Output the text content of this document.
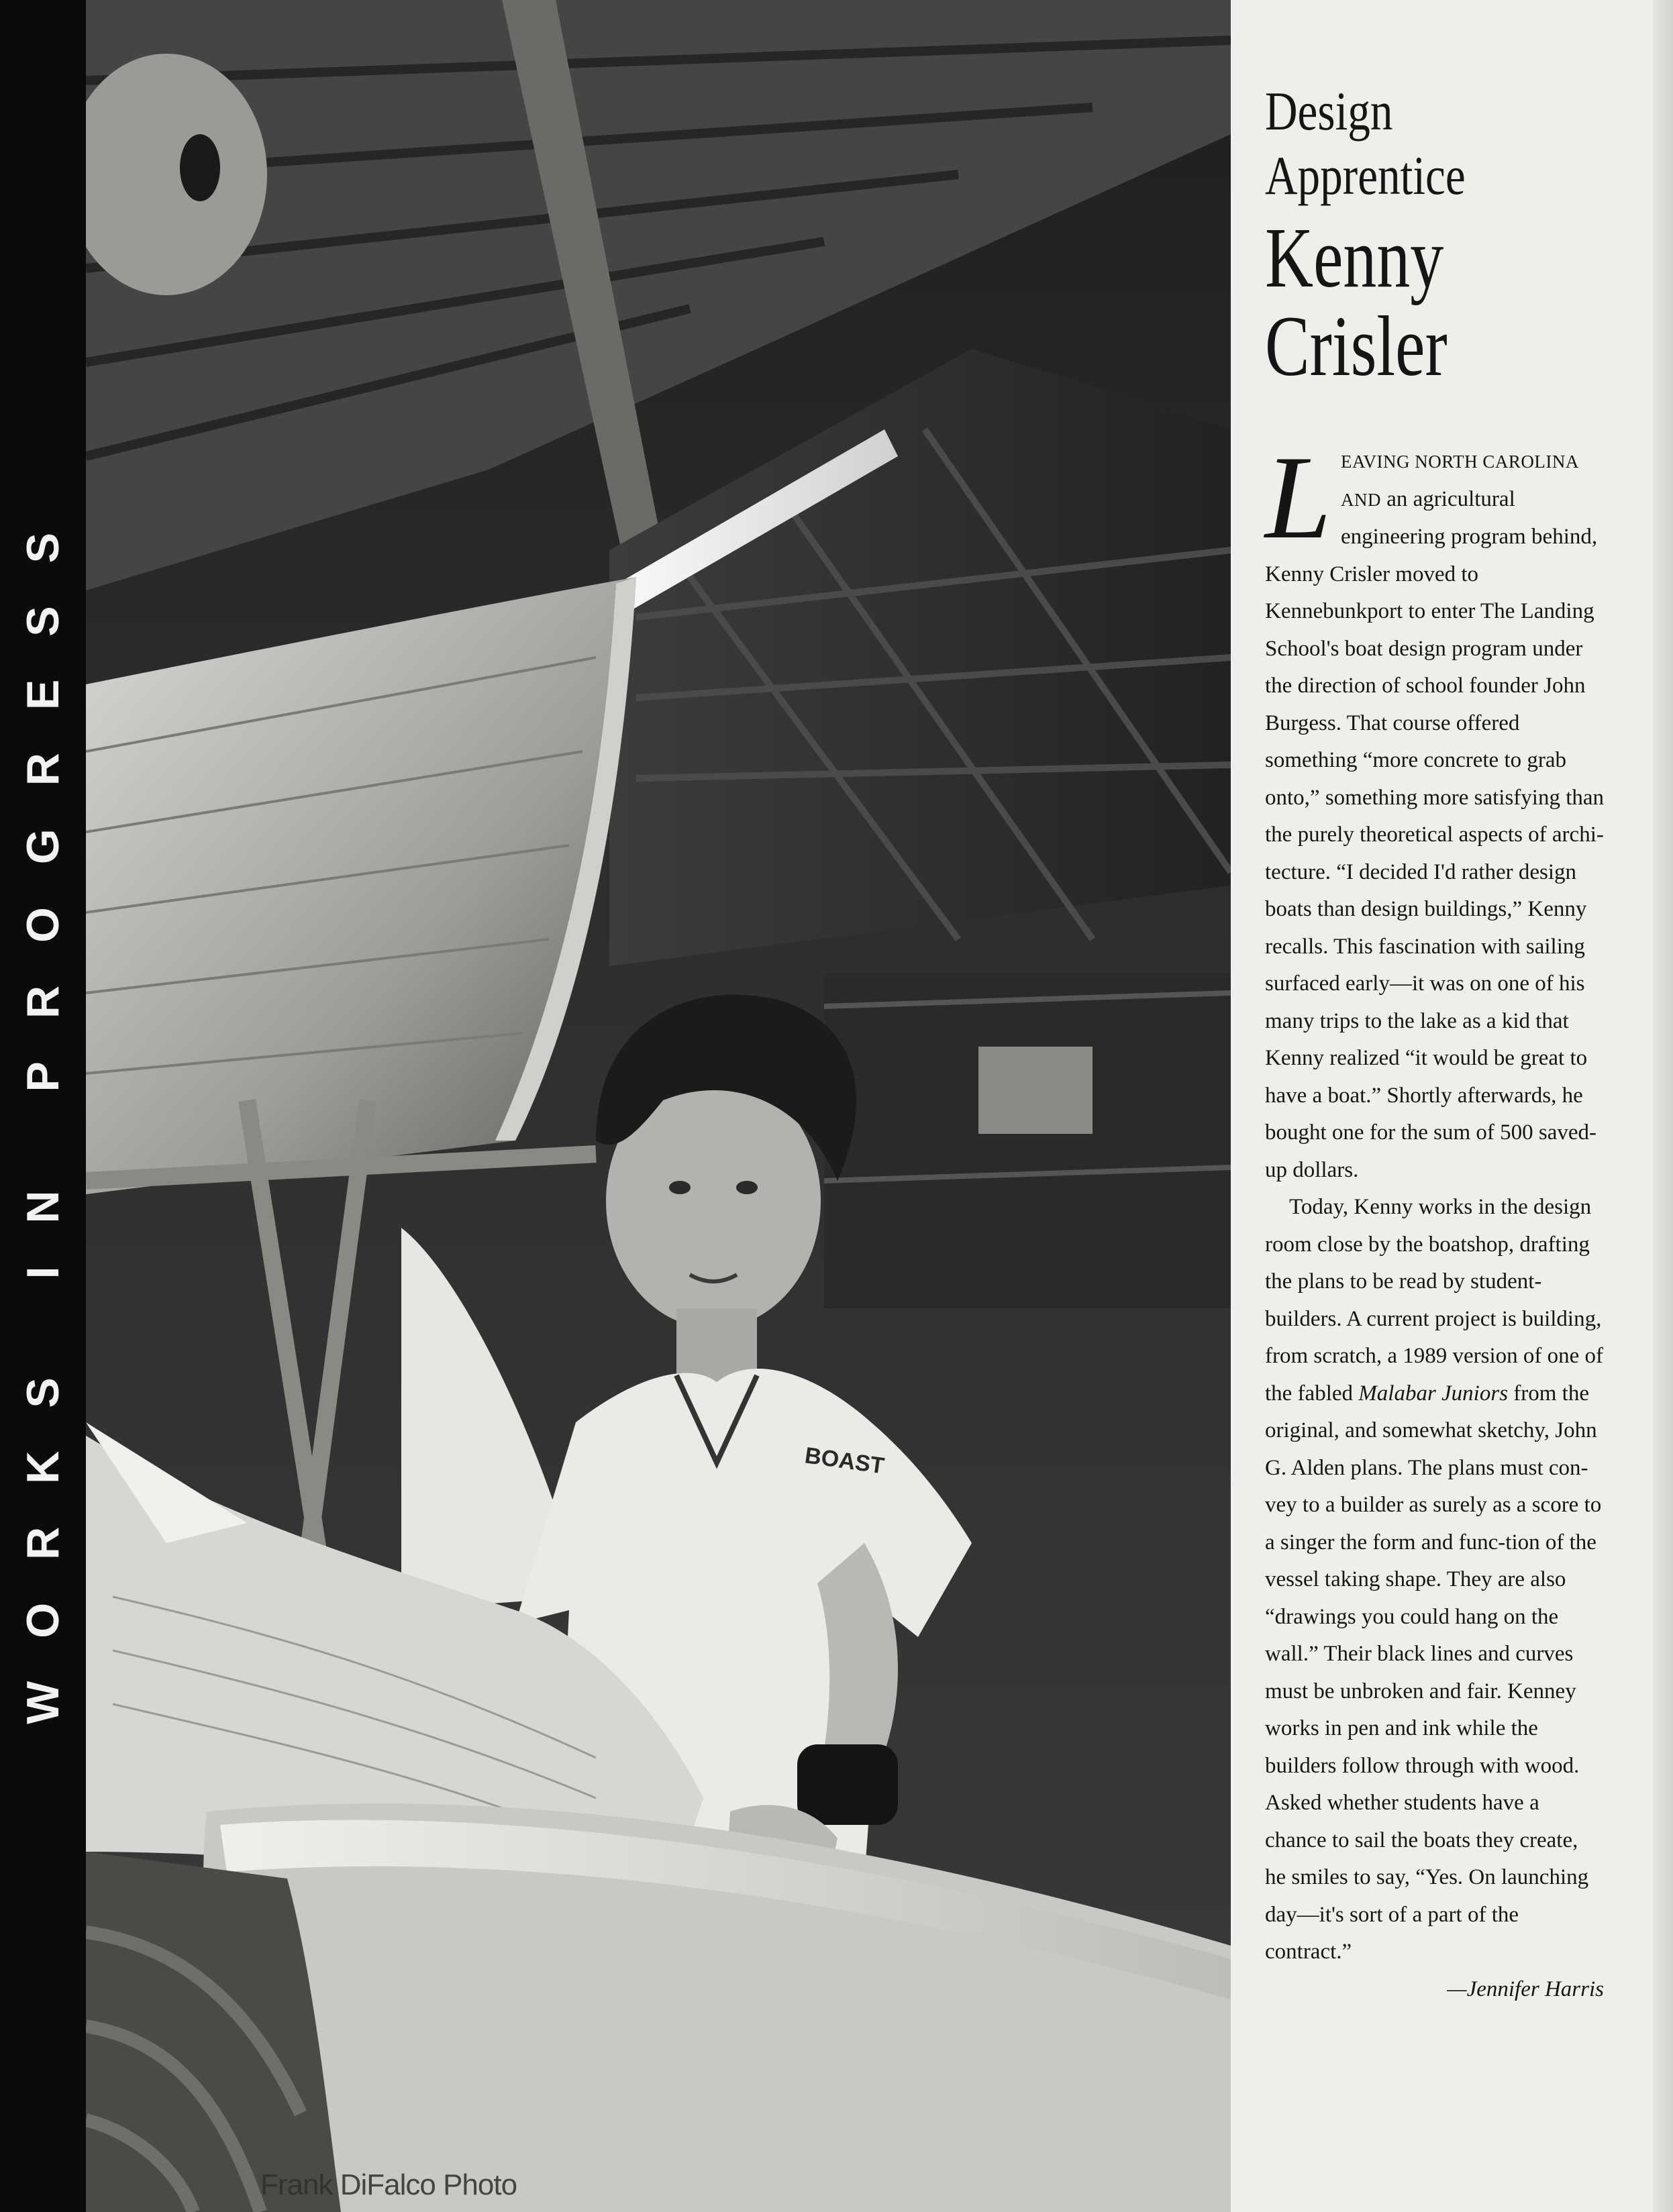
WORKS IN PROGRESS	BOAST
Frank DiFalco Photo
Design
Apprentice
Kenny
Crisler

LEAVING NORTH CAROLINA AND an agricultural engineering program behind, Kenny Crisler moved to Kennebunkport to enter The Landing School's boat design program under the direction of school founder John Burgess. That course offered something “more concrete to grab onto,” something more satisfying than the purely theoretical aspects of archi-tecture. “I decided I'd rather design boats than design buildings,” Kenny recalls. This fascination with sailing surfaced early—it was on one of his many trips to the lake as a kid that Kenny realized “it would be great to have a boat.” Shortly afterwards, he bought one for the sum of 500 saved-up dollars.

Today, Kenny works in the design room close by the boatshop, drafting the plans to be read by student-builders. A current project is building, from scratch, a 1989 version of one of the fabled Malabar Juniors from the original, and somewhat sketchy, John G. Alden plans. The plans must con-vey to a builder as surely as a score to a singer the form and func-tion of the vessel taking shape. They are also “drawings you could hang on the wall.” Their black lines and curves must be unbroken and fair. Kenney works in pen and ink while the builders follow through with wood. Asked whether students have a chance to sail the boats they create, he smiles to say, “Yes. On launching day—it's sort of a part of the contract.”

—Jennifer Harris
